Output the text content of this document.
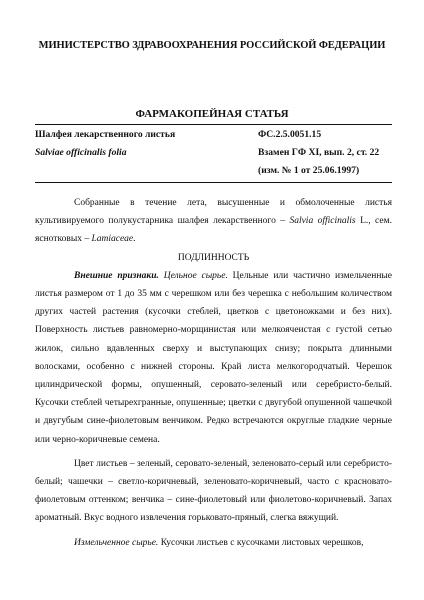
МИНИСТЕРСТВО ЗДРАВООХРАНЕНИЯ РОССИЙСКОЙ ФЕДЕРАЦИИ
ФАРМАКОПЕЙНАЯ СТАТЬЯ
Шалфея лекарственного листья
Salviae officinalis folia
ФС.2.5.0051.15
Взамен ГФ XI, вып. 2, ст. 22
(изм. № 1 от 25.06.1997)

Собранные в течение лета, высушенные и обмолоченные листья культивируемого полукустарника шалфея лекарственного – Salvia officinalis L., сем. яснотковых – Lamiaceae.

ПОДЛИННОСТЬ

Внешние признаки. Цельное сырье. Цельные или частично измельченные листья размером от 1 до 35 мм с черешком или без черешка с небольшим количеством других частей растения (кусочки стеблей, цветков с цветоножками и без них). Поверхность листьев равномерно-морщинистая или мелкоячеистая с густой сетью жилок, сильно вдавленных сверху и выступающих снизу; покрыта длинными волосками, особенно с нижней стороны. Край листа мелкогородчатый. Черешок цилиндрической формы, опушенный, серовато-зеленый или серебристо-белый. Кусочки стеблей четырехгранные, опушенные; цветки с двугубой опушенной чашечкой и двугубым сине-фиолетовым венчиком. Редко встречаются округлые гладкие черные или черно-коричневые семена.

Цвет листьев – зеленый, серовато-зеленый, зеленовато-серый или серебристо-белый; чашечки – светло-коричневый, зеленовато-коричневый, часто с красновато-фиолетовым оттенком; венчика – сине-фиолетовый или фиолетово-коричневый. Запах ароматный. Вкус водного извлечения горьковато-пряный, слегка вяжущий.

Измельченное сырье. Кусочки листьев с кусочками листовых черешков,
